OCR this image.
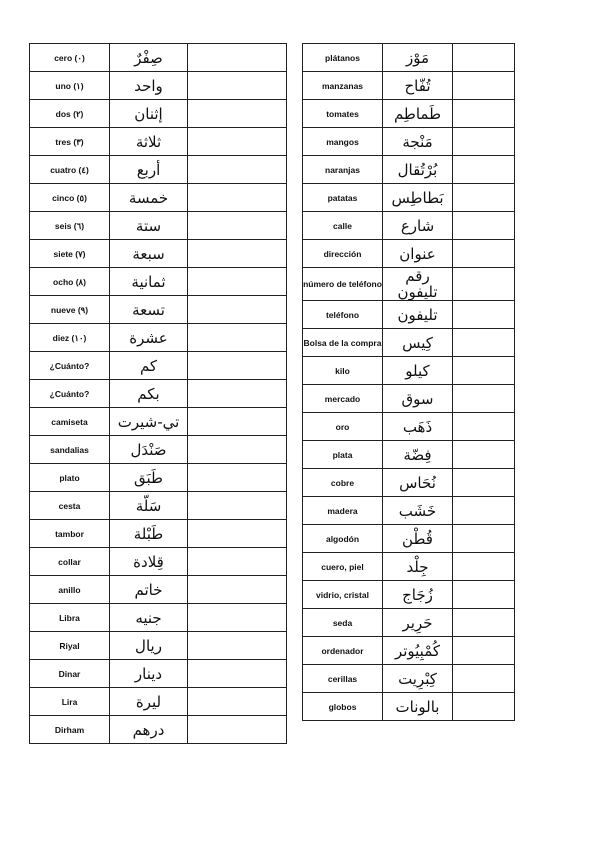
cero (٠)	صِفْرٌ	
uno (١)	واحد	
dos (٢)	إثنان	
tres (٣)	ثلاثة	
cuatro (٤)	أربع	
cinco (٥)	خمسة	
seis (٦)	ستة	
siete (٧)	سبعة	
ocho (٨)	ثمانية	
nueve (٩)	تسعة	
diez (١٠)	عشرة	
¿Cuánto?	كم	
¿Cuánto?	بكم	
camiseta	تي-شيرت	
sandalias	صَنْدَل	
plato	طَبَق	
cesta	سَلّة	
tambor	طَبْلة	
collar	قِلادة	
anillo	خاتم	
Libra	جنيه	
Riyal	ريال	
Dinar	دينار	
Lira	ليرة	
Dirham	درهم	
plátanos	مَوْز	
manzanas	تُفّاح	
tomates	طَماطِم	
mangos	مَنْجة	
naranjas	بُرْتُقال	
patatas	بَطاطِس	
calle	شارع	
dirección	عنوان	
número de teléfono	رقم تليفون	
teléfono	تليفون	
Bolsa de la compra	كِيس	
kilo	كيلو	
mercado	سوق	
oro	ذَهَب	
plata	فِضّة	
cobre	نُحَاس	
madera	خَشَب	
algodón	قُطْن	
cuero, piel	جِلْد	
vidrio, cristal	زُجَاج	
seda	حَرِير	
ordenador	كُمْبِيُوتر	
cerillas	كِبْرِيت	
globos	بالونات	
